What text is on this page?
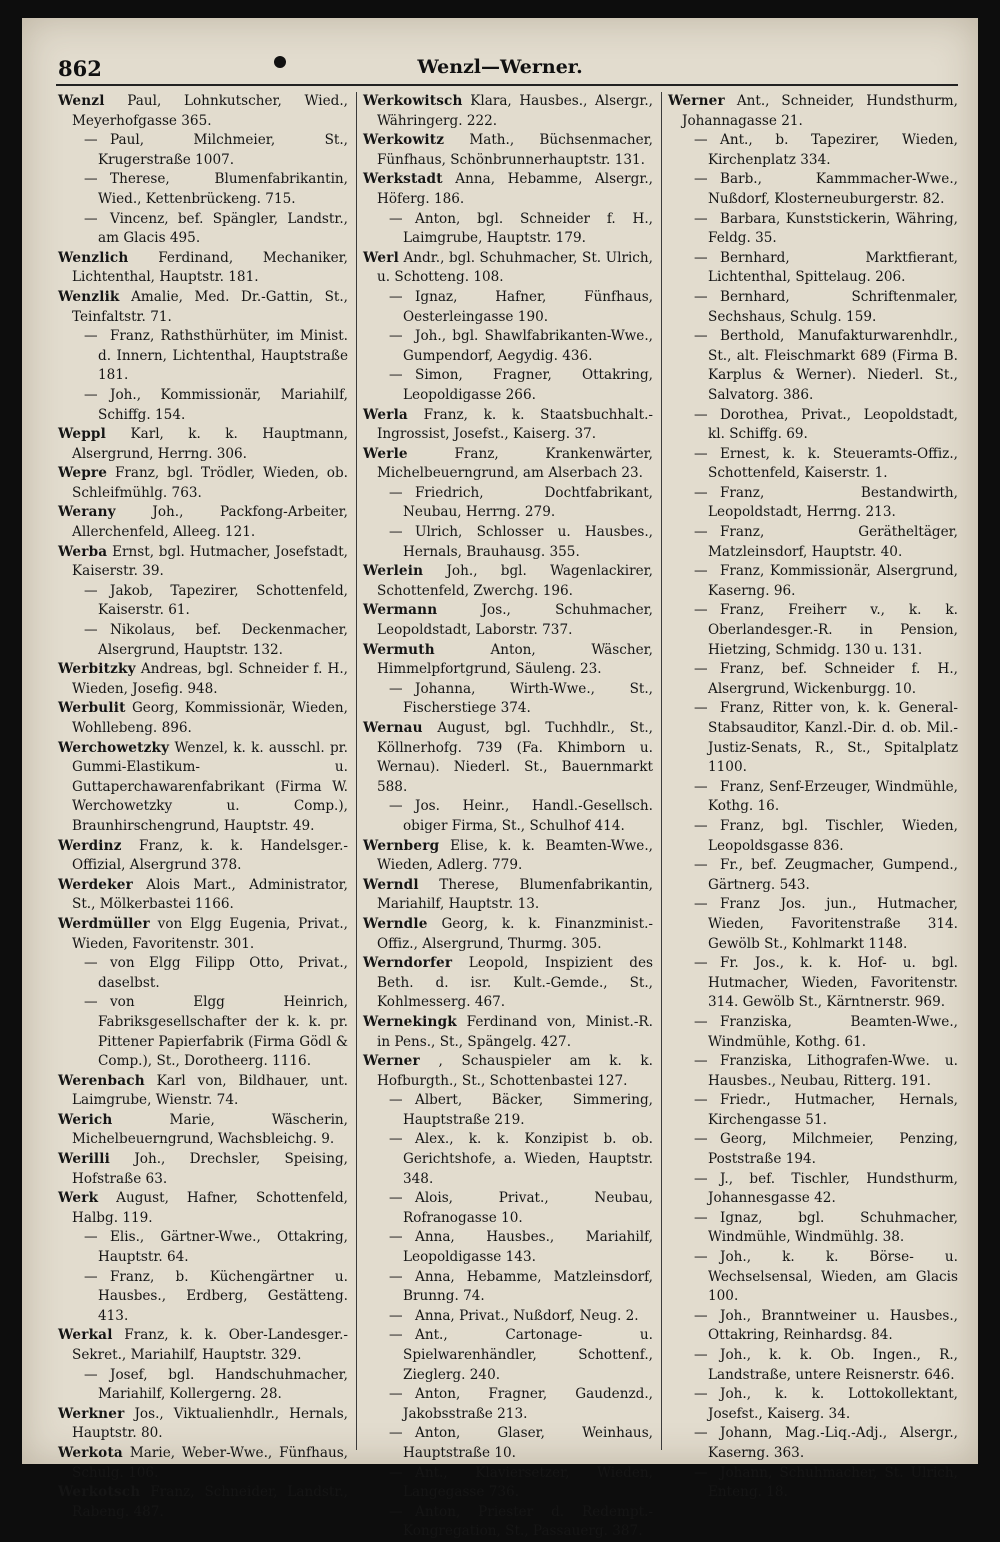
862	Wenzl—Werner.

Wenzl Paul, Lohnkutscher, Wied., Meyerhofgasse 365.

— Paul, Milchmeier, St., Krugerstraße 1007.

— Therese, Blumenfabrikantin, Wied., Kettenbrückeng. 715.

— Vincenz, bef. Spängler, Landstr., am Glacis 495.

Wenzlich Ferdinand, Mechaniker, Lichtenthal, Hauptstr. 181.

Wenzlik Amalie, Med. Dr.-Gattin, St., Teinfaltstr. 71.

— Franz, Rathsthürhüter, im Minist. d. Innern, Lichtenthal, Hauptstraße 181.

— Joh., Kommissionär, Mariahilf, Schiffg. 154.

Weppl Karl, k. k. Hauptmann, Alsergrund, Herrng. 306.

Wepre Franz, bgl. Trödler, Wieden, ob. Schleifmühlg. 763.

Werany	Joh., Packfong-Arbeiter, Allerchenfeld, Alleeg. 121.

Werba Ernst, bgl. Hutmacher, Josefstadt, Kaiserstr. 39.

— Jakob, Tapezirer, Schottenfeld, Kaiserstr. 61.

— Nikolaus, bef. Deckenmacher, Alsergrund, Hauptstr. 132.

Werbitzky Andreas, bgl. Schneider f. H., Wieden, Josefig. 948.

Werbulit Georg, Kommissionär, Wieden, Wohllebeng. 896.

Werchowetzky Wenzel, k. k. ausschl. pr. Gummi-Elastikum- u. Guttaperchawarenfabrikant (Firma W. Werchowetzky u. Comp.), Braunhirschengrund, Hauptstr. 49.

Werdinz Franz, k. k. Handelsger.-Offizial, Alsergrund 378.

Werdeker Alois Mart., Administrator, St., Mölkerbastei 1166.

Werdmüller von Elgg Eugenia, Privat., Wieden, Favoritenstr. 301.

— von Elgg Filipp Otto, Privat., daselbst.

— von Elgg Heinrich, Fabriksgesellschafter der k. k. pr. Pittener Papierfabrik (Firma Gödl & Comp.), St., Dorotheerg. 1116.

Werenbach Karl von, Bildhauer, unt. Laimgrube, Wienstr. 74.

Werich	Marie, Wäscherin, Michelbeuerngrund, Wachsbleichg. 9.

Werilli Joh., Drechsler, Speising, Hofstraße 63.

Werk August, Hafner, Schottenfeld, Halbg. 119.

— Elis., Gärtner-Wwe., Ottakring, Hauptstr. 64.

— Franz, b. Küchengärtner u. Hausbes., Erdberg, Gestätteng. 413.

Werkal Franz, k. k. Ober-Landesger.-Sekret., Mariahilf, Hauptstr. 329.

— Josef, bgl. Handschuhmacher, Mariahilf, Kollergerng. 28.

Werkner Jos., Viktualienhdlr., Hernals, Hauptstr. 80.

Werkota Marie, Weber-Wwe., Fünfhaus, Schulg. 106.

Werkotsch Franz, Schneider, Landstr., Rabeng. 487.

Werkowitsch Klara, Hausbes., Alsergr., Währingerg. 222.

Werkowitz Math., Büchsenmacher, Fünfhaus, Schönbrunnerhauptstr. 131.

Werkstadt Anna, Hebamme, Alsergr., Höferg. 186.

— Anton, bgl. Schneider f. H., Laimgrube, Hauptstr. 179.

Werl Andr., bgl. Schuhmacher, St. Ulrich, u. Schotteng. 108.

— Ignaz, Hafner, Fünfhaus, Oesterleingasse 190.

— Joh., bgl. Shawlfabrikanten-Wwe., Gumpendorf, Aegydig. 436.

— Simon, Fragner, Ottakring, Leopoldigasse 266.

Werla Franz, k. k. Staatsbuchhalt.-Ingrossist, Josefst., Kaiserg. 37.

Werle	Franz, Krankenwärter, Michelbeuerngrund, am Alserbach 23.

— Friedrich, Dochtfabrikant, Neubau, Herrng. 279.

— Ulrich, Schlosser u. Hausbes., Hernals, Brauhausg. 355.

Werlein Joh., bgl. Wagenlackirer, Schottenfeld, Zwerchg. 196.

Wermann	Jos., Schuhmacher, Leopoldstadt, Laborstr. 737.

Wermuth	Anton, Wäscher, Himmelpfortgrund, Säuleng. 23.

— Johanna, Wirth-Wwe., St., Fischerstiege 374.

Wernau August, bgl. Tuchhdlr., St., Köllnerhofg. 739 (Fa. Khimborn u. Wernau). Niederl. St., Bauernmarkt 588.

— Jos. Heinr., Handl.-Gesellsch. obiger Firma, St., Schulhof 414.

Wernberg Elise, k. k. Beamten-Wwe., Wieden, Adlerg. 779.

Werndl Therese, Blumenfabrikantin, Mariahilf, Hauptstr. 13.

Werndle Georg, k. k. Finanzminist.-Offiz., Alsergrund, Thurmg. 305.

Werndorfer Leopold, Inspizient des Beth. d. isr. Kult.-Gemde., St., Kohlmesserg. 467.

Wernekingk Ferdinand von, Minist.-R. in Pens., St., Spängelg. 427.

Werner , Schauspieler am k. k. Hofburgth., St., Schottenbastei 127.

— Albert, Bäcker, Simmering, Hauptstraße 219.

— Alex., k. k. Konzipist b. ob. Gerichtshofe, a. Wieden, Hauptstr. 348.

— Alois, Privat., Neubau, Rofranogasse 10.

— Anna, Hausbes., Mariahilf, Leopoldigasse 143.

— Anna, Hebamme, Matzleinsdorf, Brunng. 74.

— Anna, Privat., Nußdorf, Neug. 2.

— Ant., Cartonage- u. Spielwarenhändler, Schottenf., Zieglerg. 240.

— Anton, Fragner, Gaudenzd., Jakobsstraße 213.

— Anton, Glaser, Weinhaus, Hauptstraße 10.

— Ant., Klaviersetzer, Wieden, Langegasse 736.

— Anton, Priester d. Redempt.-Kongregation, St., Passauerg. 387.

Werner Ant., Schneider, Hundsthurm, Johannagasse 21.

— Ant., b. Tapezirer, Wieden, Kirchenplatz 334.

— Barb., Kammmacher-Wwe., Nußdorf, Klosterneuburgerstr. 82.

— Barbara, Kunststickerin, Währing, Feldg. 35.

— Bernhard, Marktfierant, Lichtenthal, Spittelaug. 206.

— Bernhard, Schriftenmaler, Sechshaus, Schulg. 159.

— Berthold, Manufakturwarenhdlr., St., alt. Fleischmarkt 689 (Firma B. Karplus & Werner). Niederl. St., Salvatorg. 386.

— Dorothea, Privat., Leopoldstadt, kl. Schiffg. 69.

— Ernest, k. k. Steueramts-Offiz., Schottenfeld, Kaiserstr. 1.

— Franz, Bestandwirth, Leopoldstadt, Herrng. 213.

— Franz, Gerätheltäger, Matzleinsdorf, Hauptstr. 40.

— Franz, Kommissionär, Alsergrund, Kaserng. 96.

— Franz, Freiherr v., k. k. Oberlandesger.-R. in Pension, Hietzing, Schmidg. 130 u. 131.

— Franz, bef. Schneider f. H., Alsergrund, Wickenburgg. 10.

— Franz, Ritter von, k. k. General-Stabsauditor, Kanzl.-Dir. d. ob. Mil.-Justiz-Senats, R., St., Spitalplatz 1100.

— Franz, Senf-Erzeuger, Windmühle, Kothg. 16.

— Franz, bgl. Tischler, Wieden, Leopoldsgasse 836.

— Fr., bef. Zeugmacher, Gumpend., Gärtnerg. 543.

— Franz Jos. jun., Hutmacher, Wieden, Favoritenstraße 314. Gewölb St., Kohlmarkt 1148.

— Fr. Jos., k. k. Hof- u. bgl. Hutmacher, Wieden, Favoritenstr. 314. Gewölb St., Kärntnerstr. 969.

— Franziska, Beamten-Wwe., Windmühle, Kothg. 61.

— Franziska, Lithografen-Wwe. u. Hausbes., Neubau, Ritterg. 191.

— Friedr., Hutmacher, Hernals, Kirchengasse 51.

— Georg, Milchmeier, Penzing, Poststraße 194.

— J., bef. Tischler, Hundsthurm, Johannesgasse 42.

— Ignaz, bgl. Schuhmacher, Windmühle, Windmühlg. 38.

— Joh., k. k. Börse- u. Wechselsensal, Wieden, am Glacis 100.

— Joh., Branntweiner u. Hausbes., Ottakring, Reinhardsg. 84.

— Joh., k. k. Ob. Ingen., R., Landstraße, untere Reisnerstr. 646.

— Joh., k. k. Lottokollektant, Josefst., Kaiserg. 34.

— Johann, Mag.-Liq.-Adj., Alsergr., Kaserng. 363.

— Johann, Schuhmacher, St. Ulrich, Enteng. 18.
